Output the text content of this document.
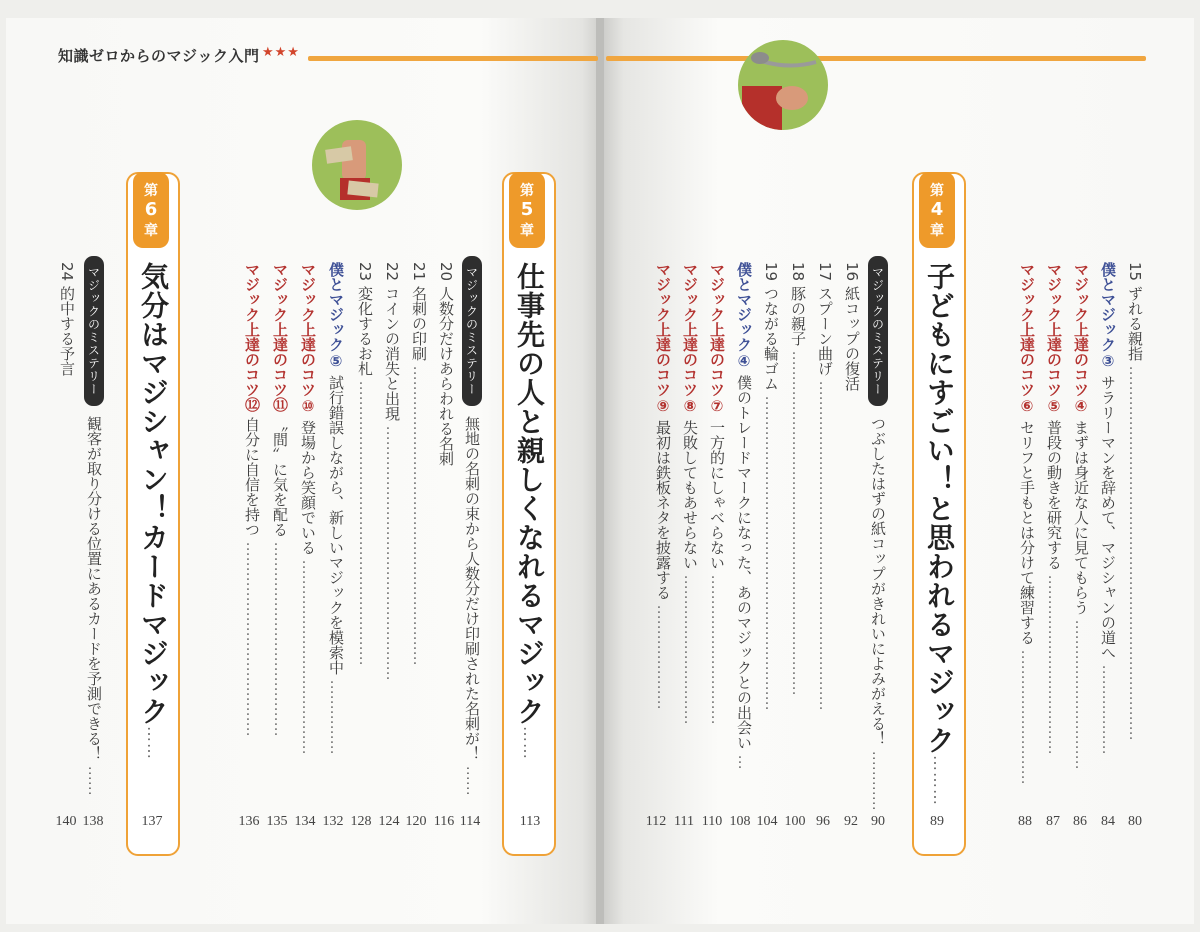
知識ゼロからのマジック入門 ★★★
15 ずれる親指 …………………………………………………………………
僕とマジック③ サラリーマンを辞めて、マジシャンの道へ ………………
マジック上達のコツ④ まずは身近な人に見てもらう …………………………
マジック上達のコツ⑤ 普段の動きを研究する ………………………………
マジック上達のコツ⑥ セリフと手もとは分けて練習する ………………………
第
4
章
子どもにすごい！と思われるマジック………
16 紙コップの復活 マジックのミステリー
つぶしたはずの紙コップがきれいによみがえる！ …………
17 スプーン曲げ …………………………………………………………
18 豚の親子 ……………………………………………………………
19 つながる輪ゴム ………………………………………………………
僕とマジック④ 僕のトレードマークになった、あのマジックとの出会い …
マジック上達のコツ⑦ 一方的にしゃべらない …………………………
マジック上達のコツ⑧ 失敗してもあせらない …………………………
マジック上達のコツ⑨ 最初は鉄板ネタを披露する …………………
80
84
86
87
88
89
90
92
96
100
104
108
110
111
112
第
5
章
仕事先の人と親しくなれるマジック……
20 人数分だけあらわれる名刺 マジックのミステリー
無地の名刺の束から人数分だけ印刷された名刺が！ ……
21 名刺の印刷 ……………………………………………………
22 コインの消失と出現 ……………………………………………
23 変化するお札 …………………………………………………
僕とマジック⑤ 試行錯誤しながら、新しいマジックを模索中 ……………
マジック上達のコツ⑩ 登場から笑顔でいる …………………………………
マジック上達のコツ⑪ 〝間〟に気を配る …………………………………
マジック上達のコツ⑫ 自分に自信を持つ …………………………………
第
6
章
気分はマジシャン！カードマジック……
24 的中する予言 マジックのミステリー
観客が取り分ける位置にあるカードを予測できる！ ……
113
114
116
120
124
128
132
134
135
136
137
138
140
